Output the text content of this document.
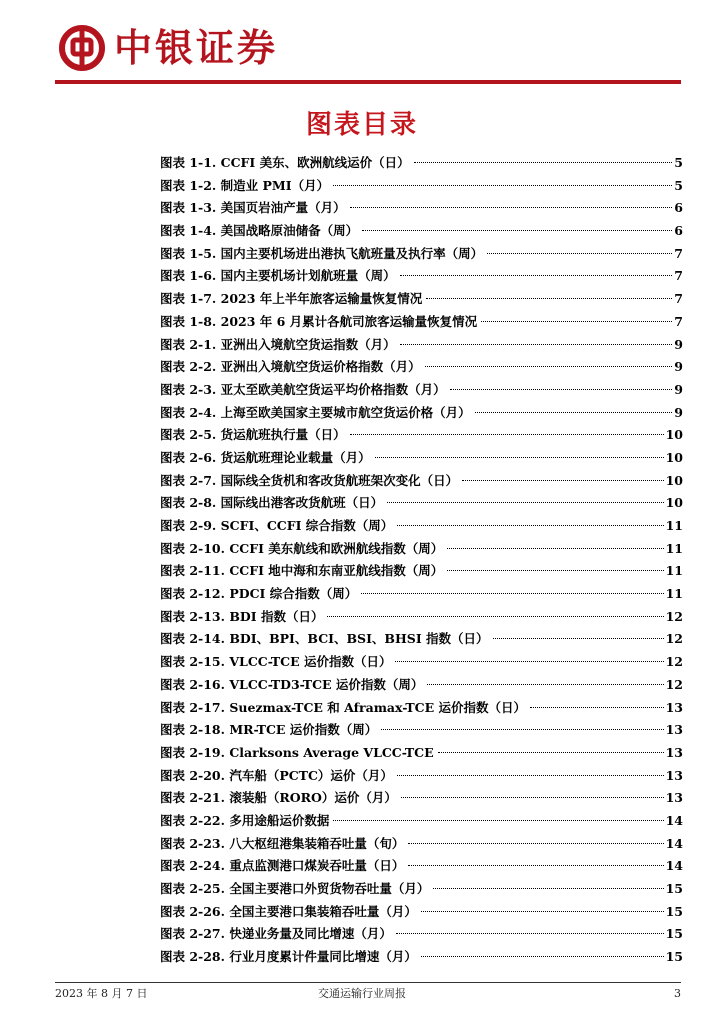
中银证券
图表目录
图表 1-1. CCFI 美东、欧洲航线运价（日）	5
图表 1-2. 制造业 PMI（月）	5
图表 1-3. 美国页岩油产量（月）	6
图表 1-4. 美国战略原油储备（周）	6
图表 1-5. 国内主要机场进出港执飞航班量及执行率（周）	7
图表 1-6. 国内主要机场计划航班量（周）	7
图表 1-7. 2023 年上半年旅客运输量恢复情况	7
图表 1-8. 2023 年 6 月累计各航司旅客运输量恢复情况	7
图表 2-1. 亚洲出入境航空货运指数（月）	9
图表 2-2. 亚洲出入境航空货运价格指数（月）	9
图表 2-3. 亚太至欧美航空货运平均价格指数（月）	9
图表 2-4. 上海至欧美国家主要城市航空货运价格（月）	9
图表 2-5. 货运航班执行量（日）	10
图表 2-6. 货运航班理论业载量（月）	10
图表 2-7. 国际线全货机和客改货航班架次变化（日）	10
图表 2-8. 国际线出港客改货航班（日）	10
图表 2-9. SCFI、CCFI 综合指数（周）	11
图表 2-10. CCFI 美东航线和欧洲航线指数（周）	11
图表 2-11. CCFI 地中海和东南亚航线指数（周）	11
图表 2-12. PDCI 综合指数（周）	11
图表 2-13. BDI 指数（日）	12
图表 2-14. BDI、BPI、BCI、BSI、BHSI 指数（日）	12
图表 2-15. VLCC-TCE 运价指数（日）	12
图表 2-16. VLCC-TD3-TCE 运价指数（周）	12
图表 2-17. Suezmax-TCE 和 Aframax-TCE 运价指数（日）	13
图表 2-18. MR-TCE 运价指数（周）	13
图表 2-19. Clarksons Average VLCC-TCE	13
图表 2-20. 汽车船（PCTC）运价（月）	13
图表 2-21. 滚装船（RORO）运价（月）	13
图表 2-22. 多用途船运价数据	14
图表 2-23. 八大枢纽港集装箱吞吐量（旬）	14
图表 2-24. 重点监测港口煤炭吞吐量（日）	14
图表 2-25. 全国主要港口外贸货物吞吐量（月）	15
图表 2-26. 全国主要港口集装箱吞吐量（月）	15
图表 2-27. 快递业务量及同比增速（月）	15
图表 2-28. 行业月度累计件量同比增速（月）	15
2023 年 8 月 7 日	交通运输行业周报	3
